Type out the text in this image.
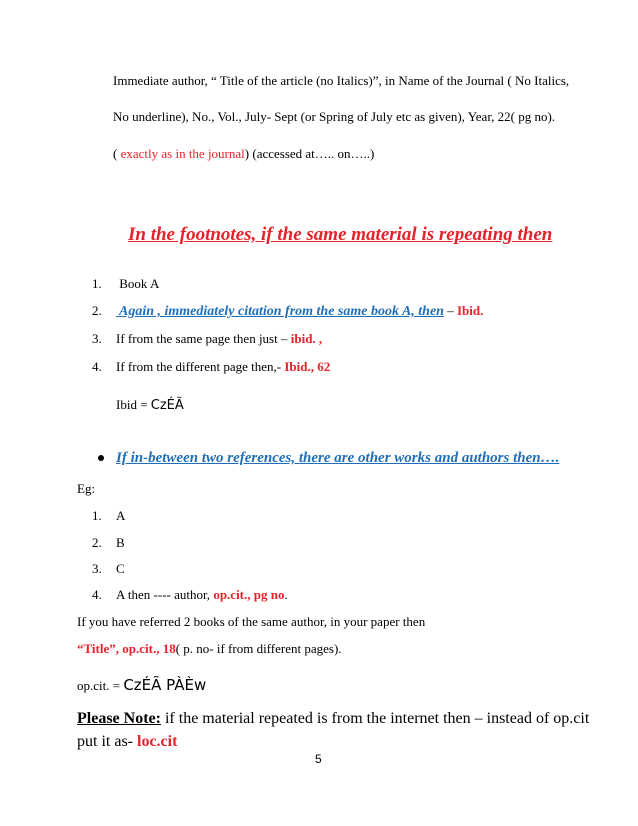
Immediate author, “ Title of the article (no Italics)”, in Name of the Journal ( No Italics,
No underline), No., Vol., July- Sept (or Spring of July etc as given), Year, 22( pg no).
( exactly as in the journal) (accessed at….. on…..)
In the footnotes, if the same material is repeating then
1. Book A
2. Again , immediately citation from the same book A, then – Ibid.
3. If from the same page then just – ibid. ,
4. If from the different page then,- Ibid., 62
Ibid = CzÉÃ
If in-between two references, there are other works and authors then….
Eg:
1. A
2. B
3. C
4. A then ---- author, op.cit., pg no.
If you have referred 2 books of the same author, in your paper then
“Title”, op.cit., 18( p. no- if from different pages).
op.cit. = CzÉÃ PÀÈw
Please Note: if the material repeated is from the internet then – instead of op.cit
put it as- loc.cit
5
